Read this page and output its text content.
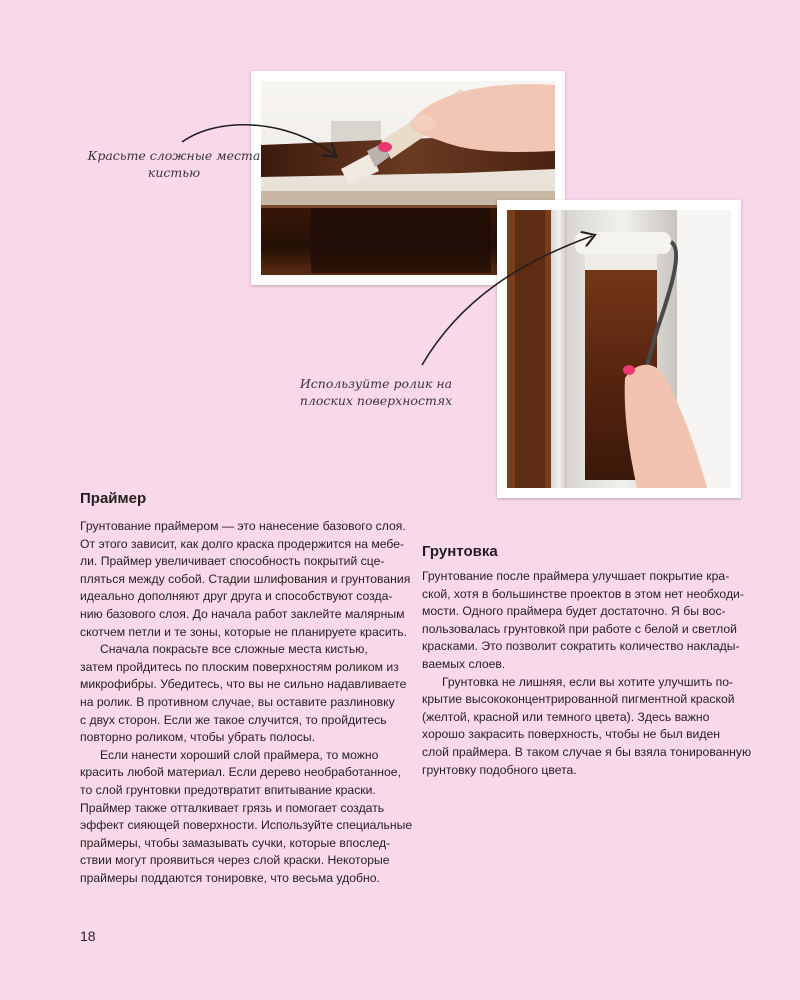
Красьте сложные места
кистью
Используйте ролик на
плоских поверхностях
Праймер

Грунтование праймером — это нанесение базового слоя.
От этого зависит, как долго краска продержится на мебе-
ли. Праймер увеличивает способность покрытий сце-
пляться между собой. Стадии шлифования и грунтования
идеально дополняют друг друга и способствуют созда-
нию базового слоя. До начала работ заклейте малярным
скотчем петли и те зоны, которые не планируете красить.

Сначала покрасьте все сложные места кистью,
затем пройдитесь по плоским поверхностям роликом из
микрофибры. Убедитесь, что вы не сильно надавливаете
на ролик. В противном случае, вы оставите разлиновку
с двух сторон. Если же такое случится, то пройдитесь
повторно роликом, чтобы убрать полосы.

Если нанести хороший слой праймера, то можно
красить любой материал. Если дерево необработанное,
то слой грунтовки предотвратит впитывание краски.
Праймер также отталкивает грязь и помогает создать
эффект сияющей поверхности. Используйте специальные
праймеры, чтобы замазывать сучки, которые впослед-
ствии могут проявиться через слой краски. Некоторые
праймеры поддаются тонировке, что весьма удобно.

Грунтовка

Грунтование после праймера улучшает покрытие кра-
ской, хотя в большинстве проектов в этом нет необходи-
мости. Одного праймера будет достаточно. Я бы вос-
пользовалась грунтовкой при работе с белой и светлой
красками. Это позволит сократить количество наклады-
ваемых слоев.

Грунтовка не лишняя, если вы хотите улучшить по-
крытие высококонцентрированной пигментной краской
(желтой, красной или темного цвета). Здесь важно
хорошо закрасить поверхность, чтобы не был виден
слой праймера. В таком случае я бы взяла тонированную
грунтовку подобного цвета.

18
